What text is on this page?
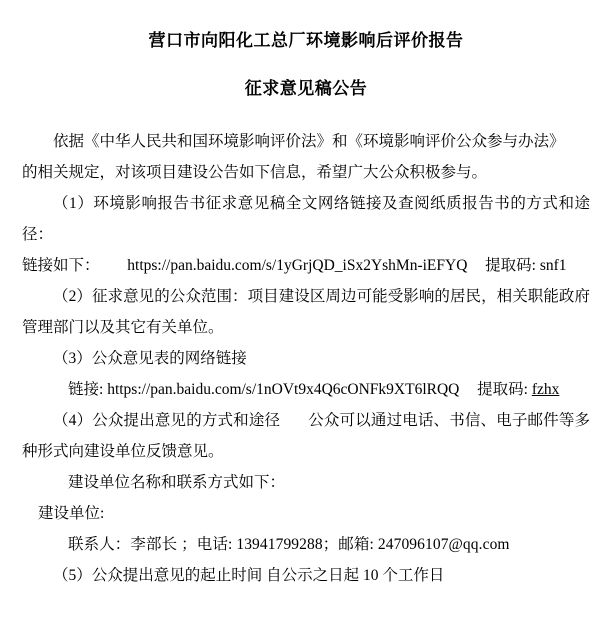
营口市向阳化工总厂环境影响后评价报告
征求意见稿公告

依据《中华人民共和国环境影响评价法》和《环境影响评价公众参与办法》

的相关规定，对该项目建设公告如下信息，希望广大公众积极参与。

（1）环境影响报告书征求意见稿全文网络链接及查阅纸质报告书的方式和途径：

链接如下： https://pan.baidu.com/s/1yGrjQD_iSx2YshMn-iEFYQ 提取码: snf1

（2）征求意见的公众范围：项目建设区周边可能受影响的居民，相关职能政府管理部门以及其它有关单位。

（3）公众意见表的网络链接

链接: https://pan.baidu.com/s/1nOVt9x4Q6cONFk9XT6lRQQ 提取码: fzhx

（4）公众提出意见的方式和途径 公众可以通过电话、书信、电子邮件等多种形式向建设单位反馈意见。

建设单位名称和联系方式如下：

建设单位:

联系人：李部长 ；电话: 13941799288；邮箱: 247096107@qq.com

（5）公众提出意见的起止时间 自公示之日起 10 个工作日
